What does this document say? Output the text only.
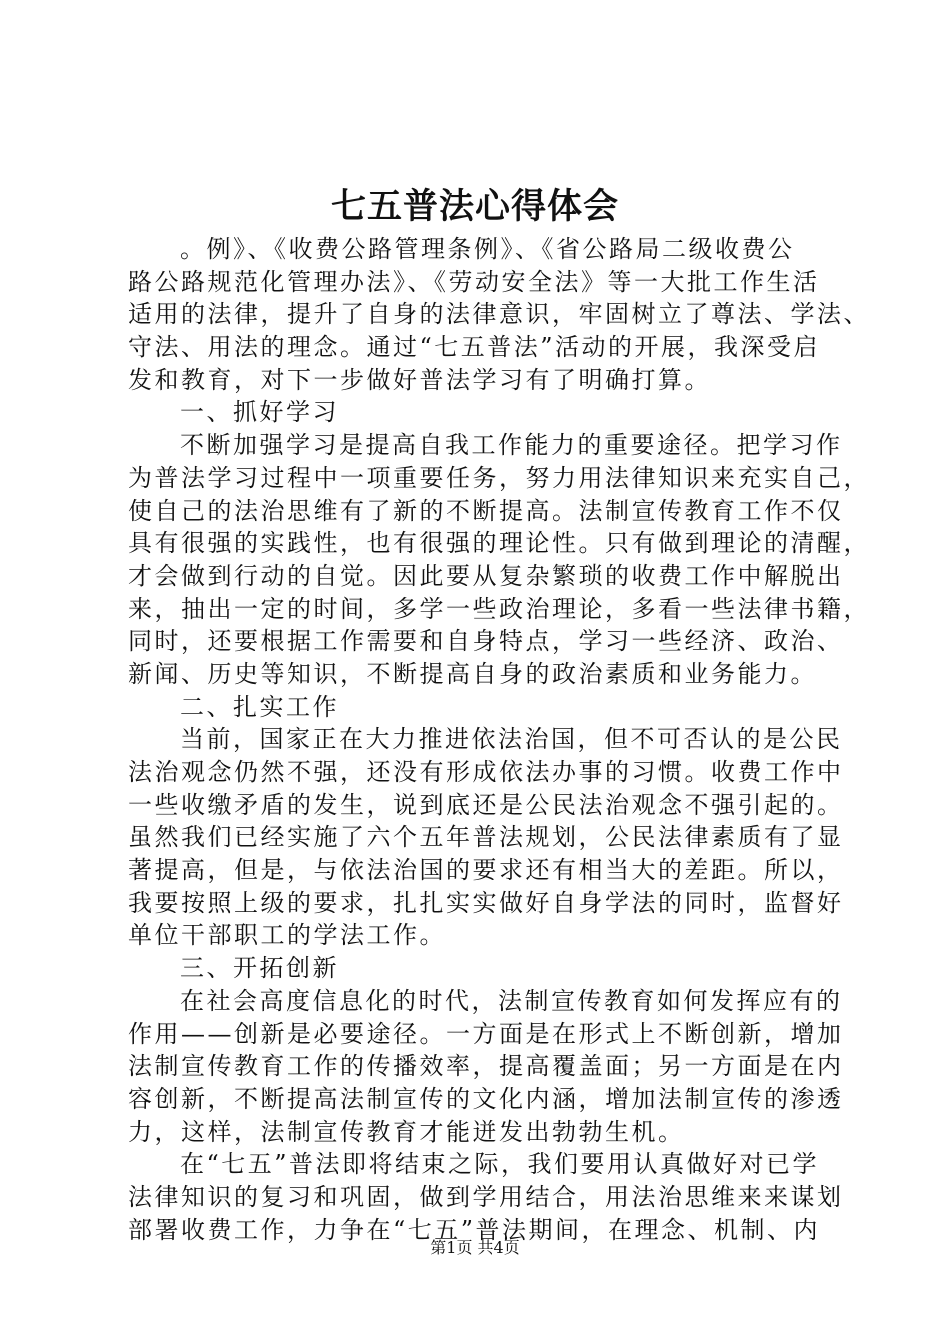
七五普法心得体会
。例》、《收费公路管理条例》、《省公路局二级收费公
路公路规范化管理办法》、《劳动安全法》等一大批工作生活
适用的法律，提升了自身的法律意识，牢固树立了尊法、学法、
守法、用法的理念。通过“七五普法”活动的开展，我深受启
发和教育，对下一步做好普法学习有了明确打算。
一、抓好学习
不断加强学习是提高自我工作能力的重要途径。把学习作
为普法学习过程中一项重要任务，努力用法律知识来充实自己，
使自己的法治思维有了新的不断提高。法制宣传教育工作不仅
具有很强的实践性，也有很强的理论性。只有做到理论的清醒，
才会做到行动的自觉。因此要从复杂繁琐的收费工作中解脱出
来，抽出一定的时间，多学一些政治理论，多看一些法律书籍，
同时，还要根据工作需要和自身特点，学习一些经济、政治、
新闻、历史等知识，不断提高自身的政治素质和业务能力。
二、扎实工作
当前，国家正在大力推进依法治国，但不可否认的是公民
法治观念仍然不强，还没有形成依法办事的习惯。收费工作中
一些收缴矛盾的发生，说到底还是公民法治观念不强引起的。
虽然我们已经实施了六个五年普法规划，公民法律素质有了显
著提高，但是，与依法治国的要求还有相当大的差距。所以，
我要按照上级的要求，扎扎实实做好自身学法的同时，监督好
单位干部职工的学法工作。
三、开拓创新
在社会高度信息化的时代，法制宣传教育如何发挥应有的
作用——创新是必要途径。一方面是在形式上不断创新，增加
法制宣传教育工作的传播效率，提高覆盖面；另一方面是在内
容创新，不断提高法制宣传的文化内涵，增加法制宣传的渗透
力，这样，法制宣传教育才能迸发出勃勃生机。
在“七五”普法即将结束之际，我们要用认真做好对已学
法律知识的复习和巩固，做到学用结合，用法治思维来来谋划
部署收费工作，力争在“七五”普法期间，在理念、机制、内
第1页 共4页
